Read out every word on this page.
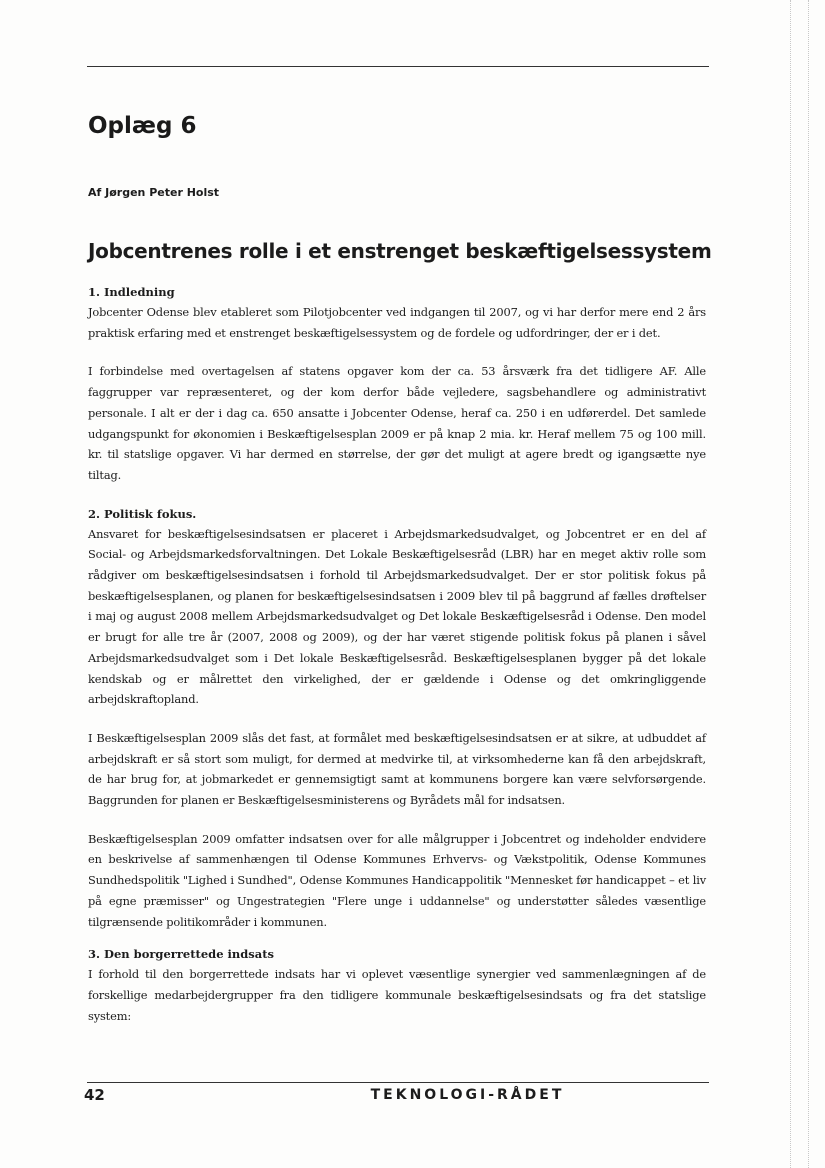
Oplæg 6

Af Jørgen Peter Holst

Jobcentrenes rolle i et enstrenget beskæftigelsessystem
1. Indledning

Jobcenter Odense blev etableret som Pilotjobcenter ved indgangen til 2007, og vi har derfor mere end 2 års praktisk erfaring med et enstrenget beskæftigelsessystem og de fordele og udfordringer, der er i det.

I forbindelse med overtagelsen af statens opgaver kom der ca. 53 årsværk fra det tidligere AF. Alle faggrupper var repræsenteret, og der kom derfor både vejledere, sagsbehandlere og administrativt personale. I alt er der i dag ca. 650 ansatte i Jobcenter Odense, heraf ca. 250 i en udførerdel. Det samlede udgangspunkt for økonomien i Beskæftigelsesplan 2009 er på knap 2 mia. kr. Heraf mellem 75 og 100 mill. kr. til statslige opgaver. Vi har dermed en størrelse, der gør det muligt at agere bredt og igangsætte nye tiltag.

2. Politisk fokus.

Ansvaret for beskæftigelsesindsatsen er placeret i Arbejdsmarkedsudvalget, og Jobcentret er en del af Social- og Arbejdsmarkedsforvaltningen. Det Lokale Beskæftigelsesråd (LBR) har en meget aktiv rolle som rådgiver om beskæftigelsesindsatsen i forhold til Arbejdsmarkedsudvalget. Der er stor politisk fokus på beskæftigelsesplanen, og planen for beskæftigelsesindsatsen i 2009 blev til på baggrund af fælles drøftelser i maj og august 2008 mellem Arbejdsmarkedsudvalget og Det lokale Beskæftigelsesråd i Odense. Den model er brugt for alle tre år (2007, 2008 og 2009), og der har været stigende politisk fokus på planen i såvel Arbejdsmarkedsudvalget som i Det lokale Beskæftigelsesråd. Beskæftigelsesplanen bygger på det lokale kendskab og er målrettet den virkelighed, der er gældende i Odense og det omkringliggende arbejdskraftopland.

I Beskæftigelsesplan 2009 slås det fast, at formålet med beskæftigelsesindsatsen er at sikre, at udbuddet af arbejdskraft er så stort som muligt, for dermed at medvirke til, at virksomhederne kan få den arbejdskraft, de har brug for, at jobmarkedet er gennemsigtigt samt at kommunens borgere kan være selvforsørgende. Baggrunden for planen er Beskæftigelsesministerens og Byrådets mål for indsatsen.

Beskæftigelsesplan 2009 omfatter indsatsen over for alle målgrupper i Jobcentret og indeholder endvidere en beskrivelse af sammenhængen til Odense Kommunes Erhvervs- og Vækstpolitik, Odense Kommunes Sundhedspolitik "Lighed i Sundhed", Odense Kommunes Handicappolitik "Mennesket før handicappet – et liv på egne præmisser" og Ungestrategien "Flere unge i uddannelse" og understøtter således væsentlige tilgrænsende politikområder i kommunen.

3. Den borgerrettede indsats

I forhold til den borgerrettede indsats har vi oplevet væsentlige synergier ved sammenlægningen af de forskellige medarbejdergrupper fra den tidligere kommunale beskæftigelsesindsats og fra det statslige system:

42	TEKNOLOGI-RÅDET
